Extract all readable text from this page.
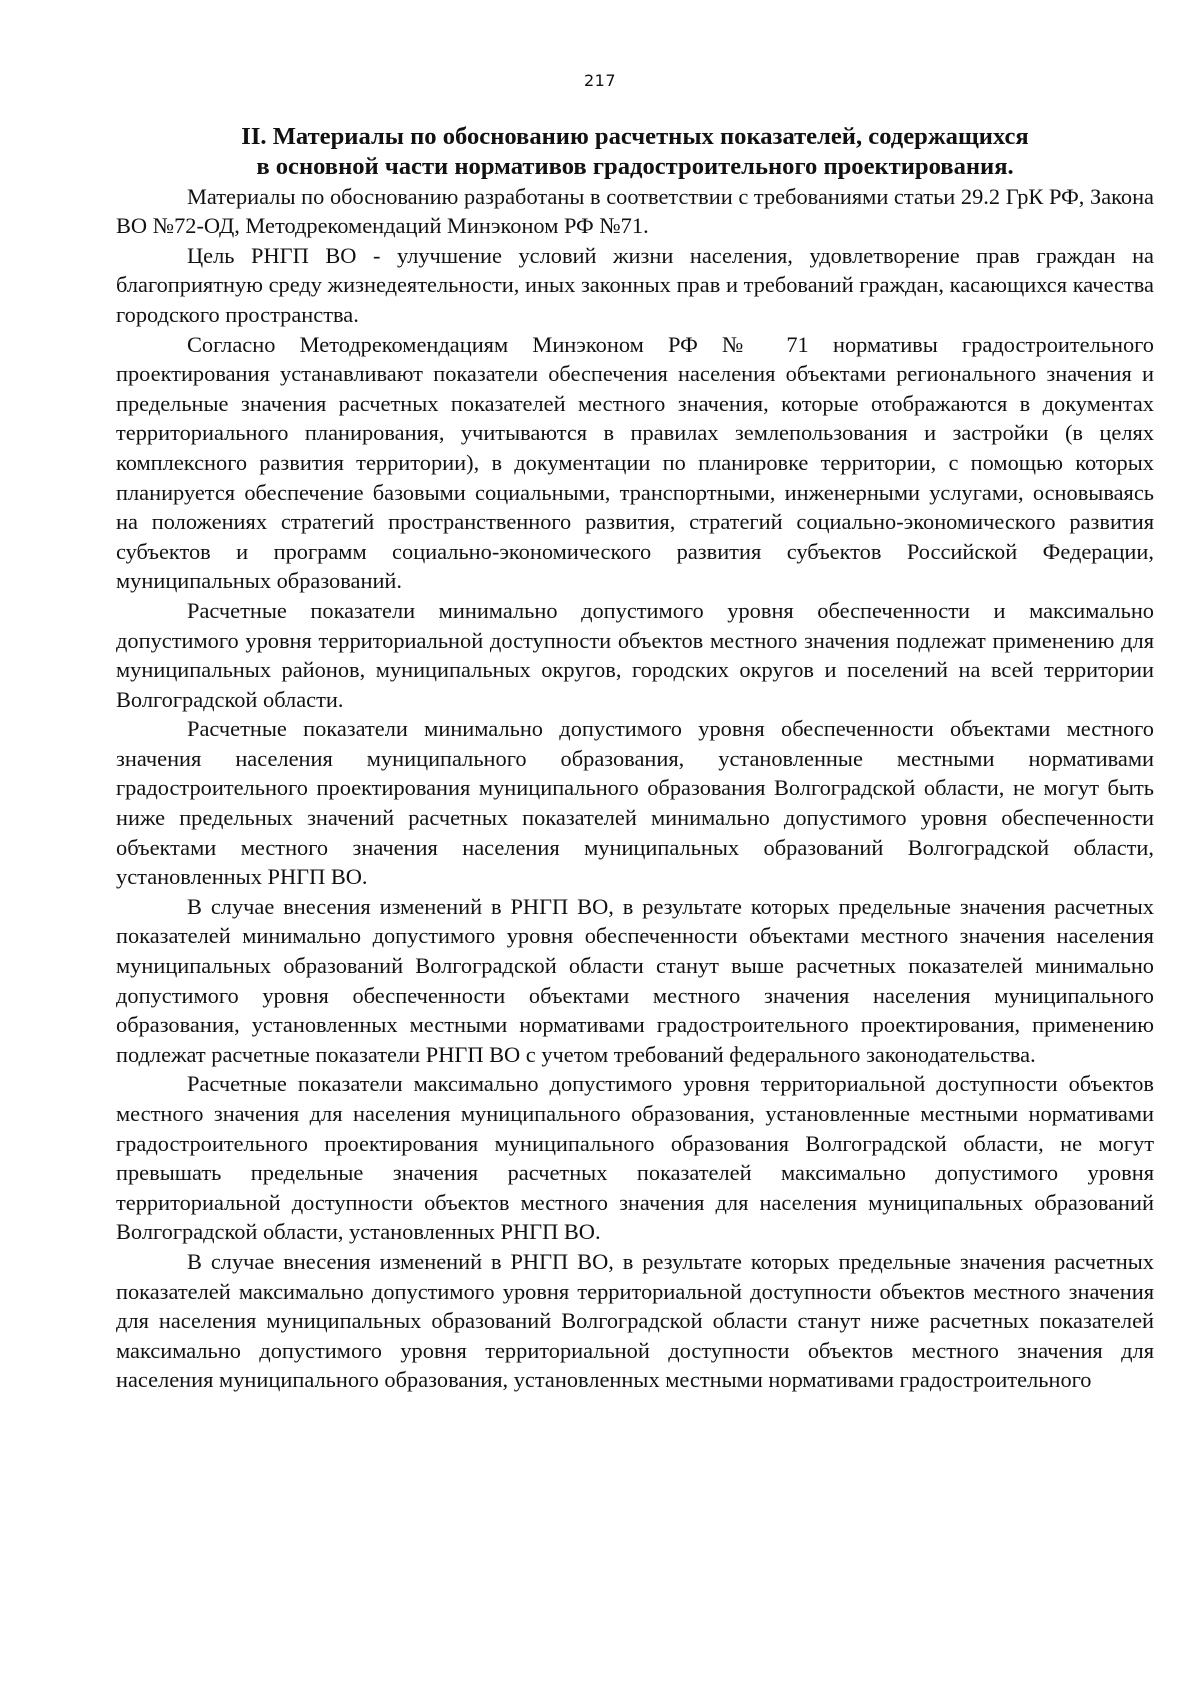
217
II. Материалы по обоснованию расчетных показателей, содержащихся
в основной части нормативов градостроительного проектирования.

Материалы по обоснованию разработаны в соответствии с требованиями статьи 29.2 ГрК РФ, Закона ВО №72-ОД, Методрекомендаций Минэконом РФ №71.

Цель РНГП ВО - улучшение условий жизни населения, удовлетворение прав граждан на благоприятную среду жизнедеятельности, иных законных прав и требований граждан, касающихся качества городского пространства.

Согласно Методрекомендациям Минэконом РФ № 71 нормативы градостроительного проектирования устанавливают показатели обеспечения населения объектами регионального значения и предельные значения расчетных показателей местного значения, которые отображаются в документах территориального планирования, учитываются в правилах землепользования и застройки (в целях комплексного развития территории), в документации по планировке территории, с помощью которых планируется обеспечение базовыми социальными, транспортными, инженерными услугами, основываясь на положениях стратегий пространственного развития, стратегий социально-экономического развития субъектов и программ социально-экономического развития субъектов Российской Федерации, муниципальных образований.

Расчетные показатели минимально допустимого уровня обеспеченности и максимально допустимого уровня территориальной доступности объектов местного значения подлежат применению для муниципальных районов, муниципальных округов, городских округов и поселений на всей территории Волгоградской области.

Расчетные показатели минимально допустимого уровня обеспеченности объектами местного значения населения муниципального образования, установленные местными нормативами градостроительного проектирования муниципального образования Волгоградской области, не могут быть ниже предельных значений расчетных показателей минимально допустимого уровня обеспеченности объектами местного значения населения муниципальных образований Волгоградской области, установленных РНГП ВО.

В случае внесения изменений в РНГП ВО, в результате которых предельные значения расчетных показателей минимально допустимого уровня обеспеченности объектами местного значения населения муниципальных образований Волгоградской области станут выше расчетных показателей минимально допустимого уровня обеспеченности объектами местного значения населения муниципального образования, установленных местными нормативами градостроительного проектирования, применению подлежат расчетные показатели РНГП ВО с учетом требований федерального законодательства.

Расчетные показатели максимально допустимого уровня территориальной доступности объектов местного значения для населения муниципального образования, установленные местными нормативами градостроительного проектирования муниципального образования Волгоградской области, не могут превышать предельные значения расчетных показателей максимально допустимого уровня территориальной доступности объектов местного значения для населения муниципальных образований Волгоградской области, установленных РНГП ВО.

В случае внесения изменений в РНГП ВО, в результате которых предельные значения расчетных показателей максимально допустимого уровня территориальной доступности объектов местного значения для населения муниципальных образований Волгоградской области станут ниже расчетных показателей максимально допустимого уровня территориальной доступности объектов местного значения для населения муниципального образования, установленных местными нормативами градостроительного
